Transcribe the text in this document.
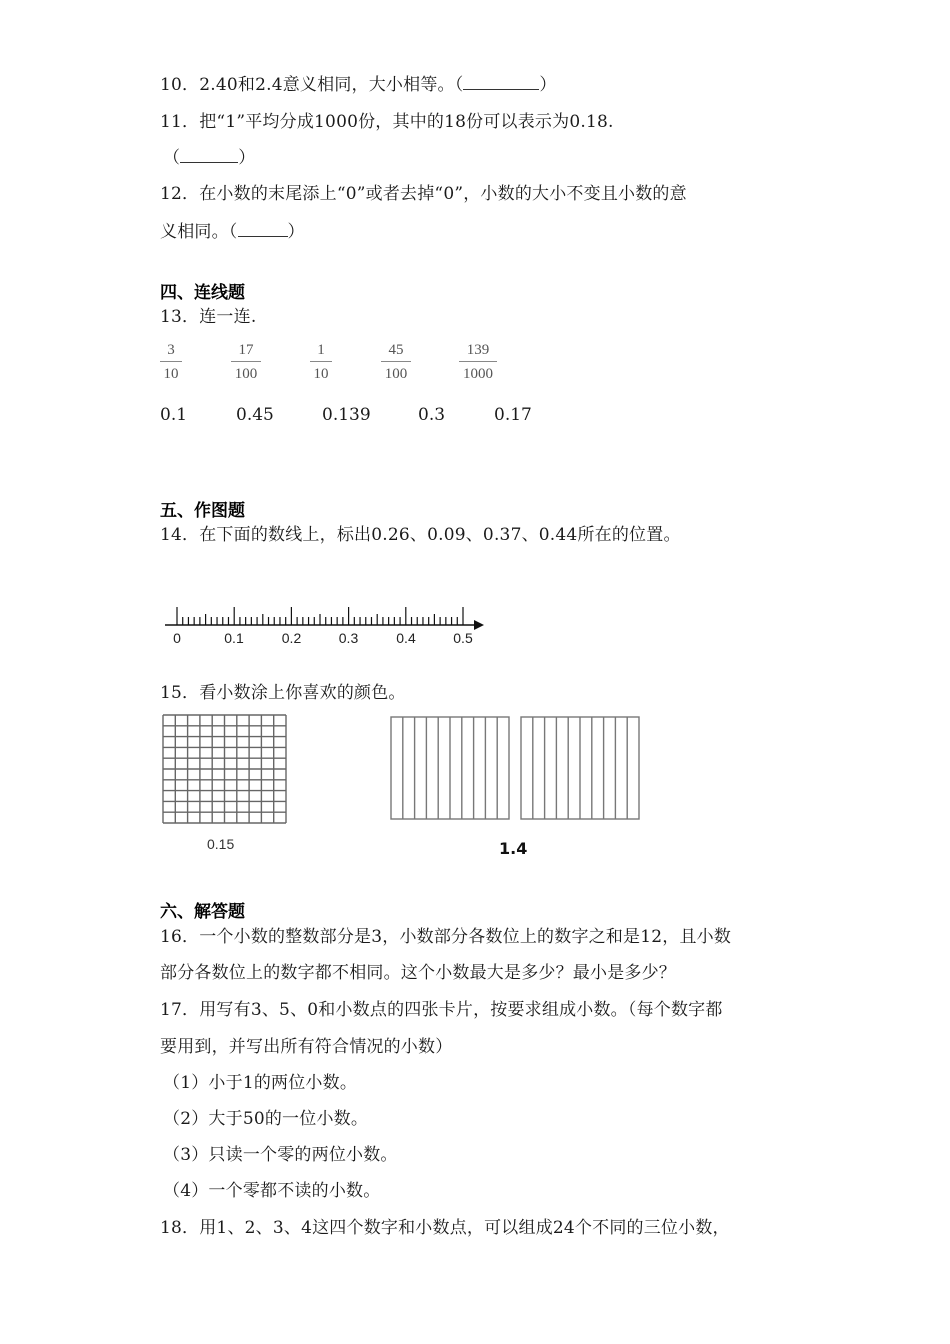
10．2.40和2.4意义相同，大小相等。（	）
11．把“1”平均分成1000份，其中的18份可以表示为0.18.
（	）
12．在小数的末尾添上“0”或者去掉“0”，小数的大小不变且小数的意
义相同。（	）
四、连线题
13．连一连.
3
10
17
100
1
10
45
100
139
1000
0.1	0.45	0.139	0.3	0.17
五、作图题
14．在下面的数线上，标出0.26、0.09、0.37、0.44所在的位置。
0	0.1	0.2	0.3	0.4	0.5
15．看小数涂上你喜欢的颜色。
0.15	1.4
六、解答题
16．一个小数的整数部分是3，小数部分各数位上的数字之和是12，且小数
部分各数位上的数字都不相同。这个小数最大是多少？最小是多少？
17．用写有3、5、0和小数点的四张卡片，按要求组成小数。（每个数字都
要用到，并写出所有符合情况的小数）
（1）小于1的两位小数。
（2）大于50的一位小数。
（3）只读一个零的两位小数。
（4）一个零都不读的小数。
18．用1、2、3、4这四个数字和小数点，可以组成24个不同的三位小数，
